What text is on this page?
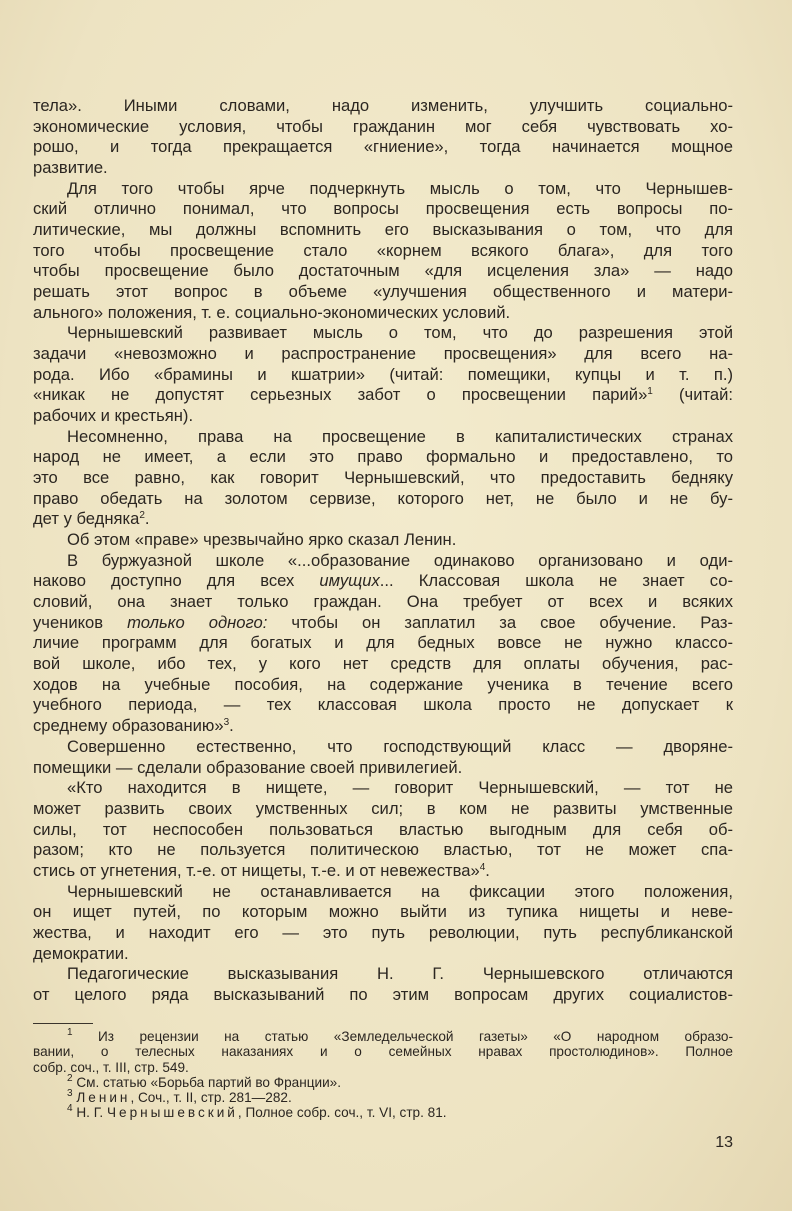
тела». Иными словами, надо изменить, улучшить социально-
экономические условия, чтобы гражданин мог себя чувствовать хо-
рошо, и тогда прекращается «гниение», тогда начинается мощное
развитие.
Для того чтобы ярче подчеркнуть мысль о том, что Чернышев-
ский отлично понимал, что вопросы просвещения есть вопросы по-
литические, мы должны вспомнить его высказывания о том, что для
того чтобы просвещение стало «корнем всякого блага», для того
чтобы просвещение было достаточным «для исцеления зла» — надо
решать этот вопрос в объеме «улучшения общественного и матери-
ального» положения, т. е. социально-экономических условий.
Чернышевский развивает мысль о том, что до разрешения этой
задачи «невозможно и распространение просвещения» для всего на-
рода. Ибо «брамины и кшатрии» (читай: помещики, купцы и т. п.)
«никак не допустят серьезных забот о просвещении парий»$^1$ (читай:
рабочих и крестьян).
Несомненно, права на просвещение в капиталистических странах
народ не имеет, а если это право формально и предоставлено, то
это все равно, как говорит Чернышевский, что предоставить бедняку
право обедать на золотом сервизе, которого нет, не было и не бу-
дет у бедняка$^2$.
Об этом «праве» чрезвычайно ярко сказал Ленин.
В буржуазной школе «...образование одинаково организовано и оди-
наково доступно для всех имущих... Классовая школа не знает со-
словий, она знает только граждан. Она требует от всех и всяких
учеников только одного: чтобы он заплатил за свое обучение. Раз-
личие программ для богатых и для бедных вовсе не нужно классо-
вой школе, ибо тех, у кого нет средств для оплаты обучения, рас-
ходов на учебные пособия, на содержание ученика в течение всего
учебного периода, — тех классовая школа просто не допускает к
среднему образованию»$^3$.
Совершенно естественно, что господствующий класс — дворяне-
помещики — сделали образование своей привилегией.
«Кто находится в нищете, — говорит Чернышевский, — тот не
может развить своих умственных сил; в ком не развиты умственные
силы, тот неспособен пользоваться властью выгодным для себя об-
разом; кто не пользуется политическою властью, тот не может спа-
стись от угнетения, т.-е. от нищеты, т.-е. и от невежества»$^4$.
Чернышевский не останавливается на фиксации этого положения,
он ищет путей, по которым можно выйти из тупика нищеты и неве-
жества, и находит его — это путь революции, путь республиканской
демократии.
Педагогические высказывания Н. Г. Чернышевского отличаются
от целого ряда высказываний по этим вопросам других социалистов-
$^1$ Из рецензии на статью «Земледельческой газеты» «О народном образо-
вании, о телесных наказаниях и о семейных нравах простолюдинов». Полное
собр. соч., т. III, стр. 549.
$^2$ См. статью «Борьба партий во Франции».
$^3$ Ленин, Соч., т. II, стр. 281—282.
$^4$ Н. Г. Чернышевский, Полное собр. соч., т. VI, стр. 81.
13
